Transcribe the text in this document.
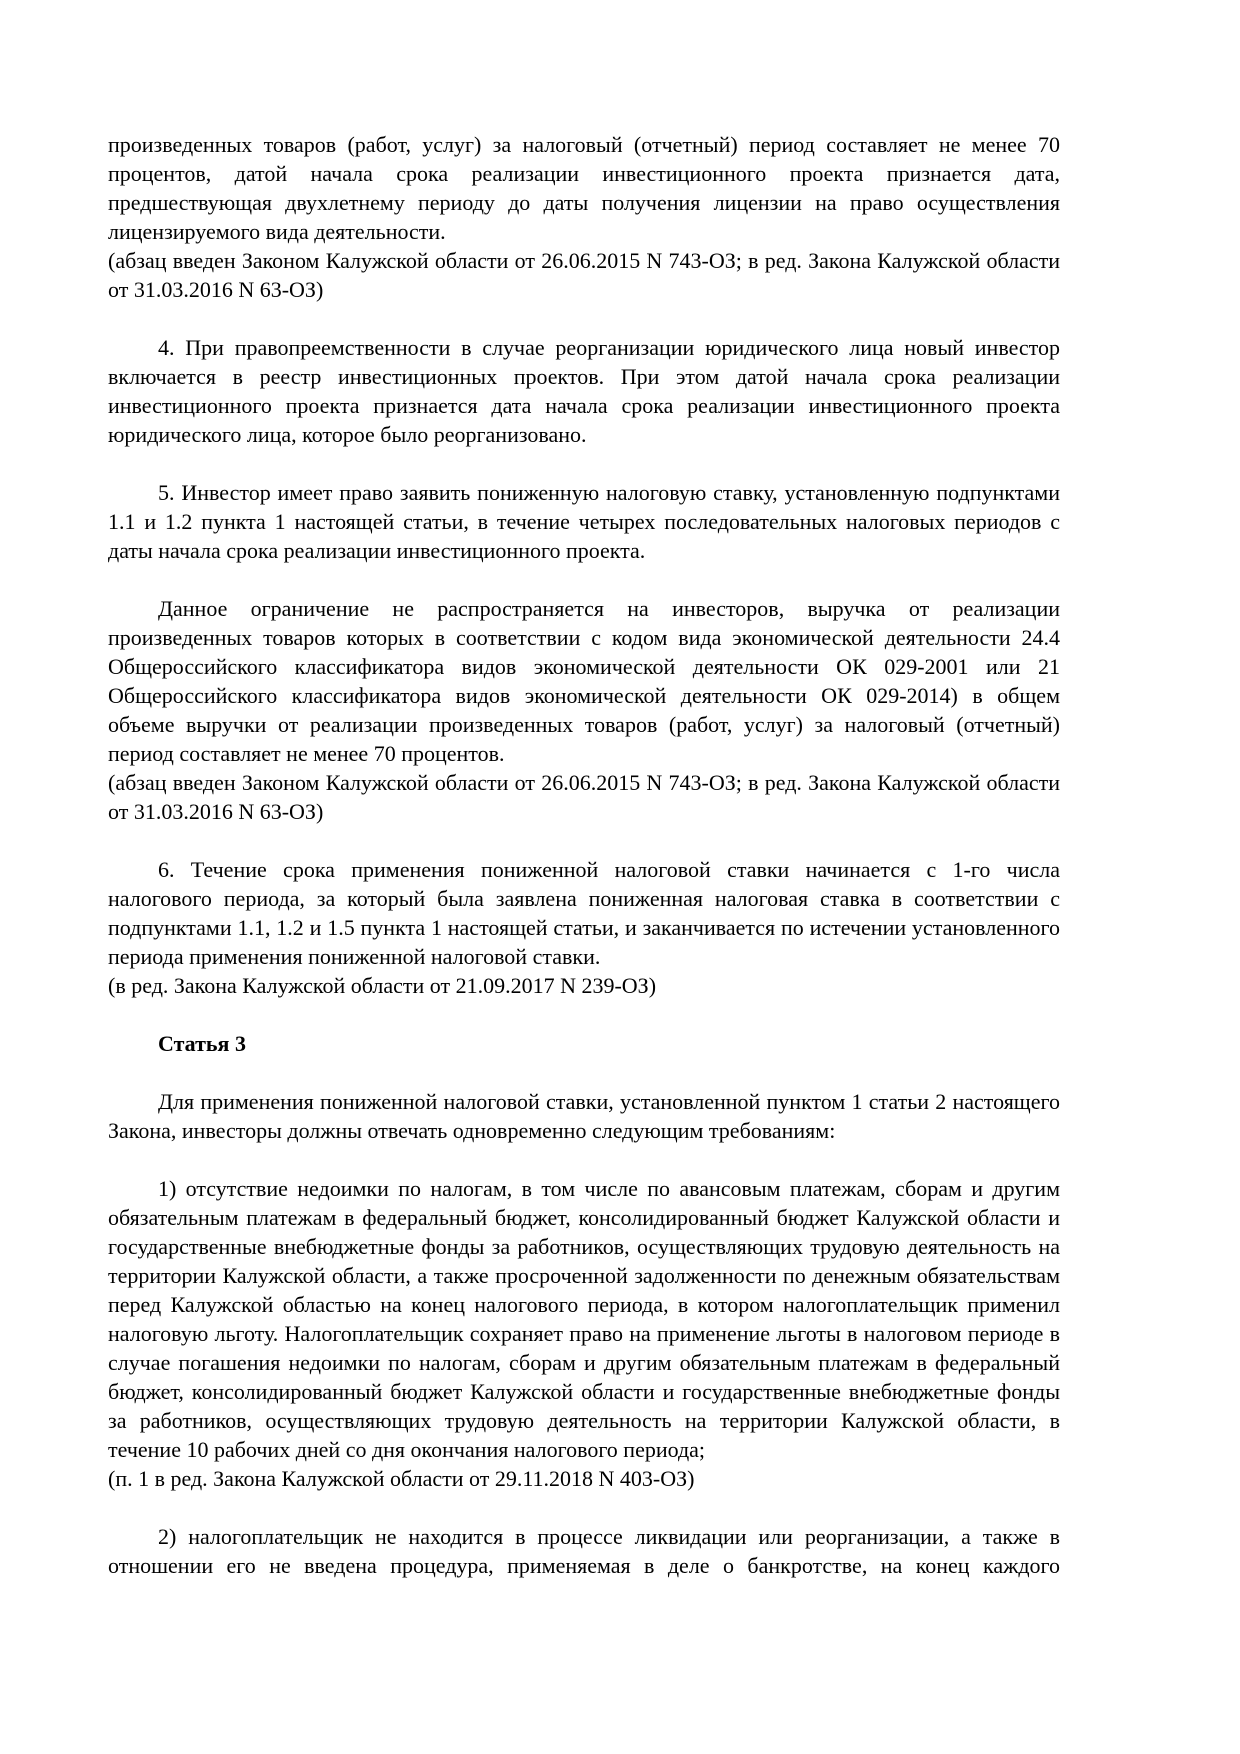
произведенных товаров (работ, услуг) за налоговый (отчетный) период составляет не менее 70 процентов, датой начала срока реализации инвестиционного проекта признается дата, предшествующая двухлетнему периоду до даты получения лицензии на право осуществления лицензируемого вида деятельности.

(абзац введен Законом Калужской области от 26.06.2015 N 743-ОЗ; в ред. Закона Калужской области от 31.03.2016 N 63-ОЗ)

4. При правопреемственности в случае реорганизации юридического лица новый инвестор включается в реестр инвестиционных проектов. При этом датой начала срока реализации инвестиционного проекта признается дата начала срока реализации инвестиционного проекта юридического лица, которое было реорганизовано.

5. Инвестор имеет право заявить пониженную налоговую ставку, установленную подпунктами 1.1 и 1.2 пункта 1 настоящей статьи, в течение четырех последовательных налоговых периодов с даты начала срока реализации инвестиционного проекта.

Данное ограничение не распространяется на инвесторов, выручка от реализации произведенных товаров которых в соответствии с кодом вида экономической деятельности 24.4 Общероссийского классификатора видов экономической деятельности ОК 029-2001 или 21 Общероссийского классификатора видов экономической деятельности ОК 029-2014) в общем объеме выручки от реализации произведенных товаров (работ, услуг) за налоговый (отчетный) период составляет не менее 70 процентов.

(абзац введен Законом Калужской области от 26.06.2015 N 743-ОЗ; в ред. Закона Калужской области от 31.03.2016 N 63-ОЗ)

6. Течение срока применения пониженной налоговой ставки начинается с 1-го числа налогового периода, за который была заявлена пониженная налоговая ставка в соответствии с подпунктами 1.1, 1.2 и 1.5 пункта 1 настоящей статьи, и заканчивается по истечении установленного периода применения пониженной налоговой ставки.

(в ред. Закона Калужской области от 21.09.2017 N 239-ОЗ)

Статья 3

Для применения пониженной налоговой ставки, установленной пунктом 1 статьи 2 настоящего Закона, инвесторы должны отвечать одновременно следующим требованиям:

1) отсутствие недоимки по налогам, в том числе по авансовым платежам, сборам и другим обязательным платежам в федеральный бюджет, консолидированный бюджет Калужской области и государственные внебюджетные фонды за работников, осуществляющих трудовую деятельность на территории Калужской области, а также просроченной задолженности по денежным обязательствам перед Калужской областью на конец налогового периода, в котором налогоплательщик применил налоговую льготу. Налогоплательщик сохраняет право на применение льготы в налоговом периоде в случае погашения недоимки по налогам, сборам и другим обязательным платежам в федеральный бюджет, консолидированный бюджет Калужской области и государственные внебюджетные фонды за работников, осуществляющих трудовую деятельность на территории Калужской области, в течение 10 рабочих дней со дня окончания налогового периода;

(п. 1 в ред. Закона Калужской области от 29.11.2018 N 403-ОЗ)

2) налогоплательщик не находится в процессе ликвидации или реорганизации, а также в отношении его не введена процедура, применяемая в деле о банкротстве, на конец каждого
